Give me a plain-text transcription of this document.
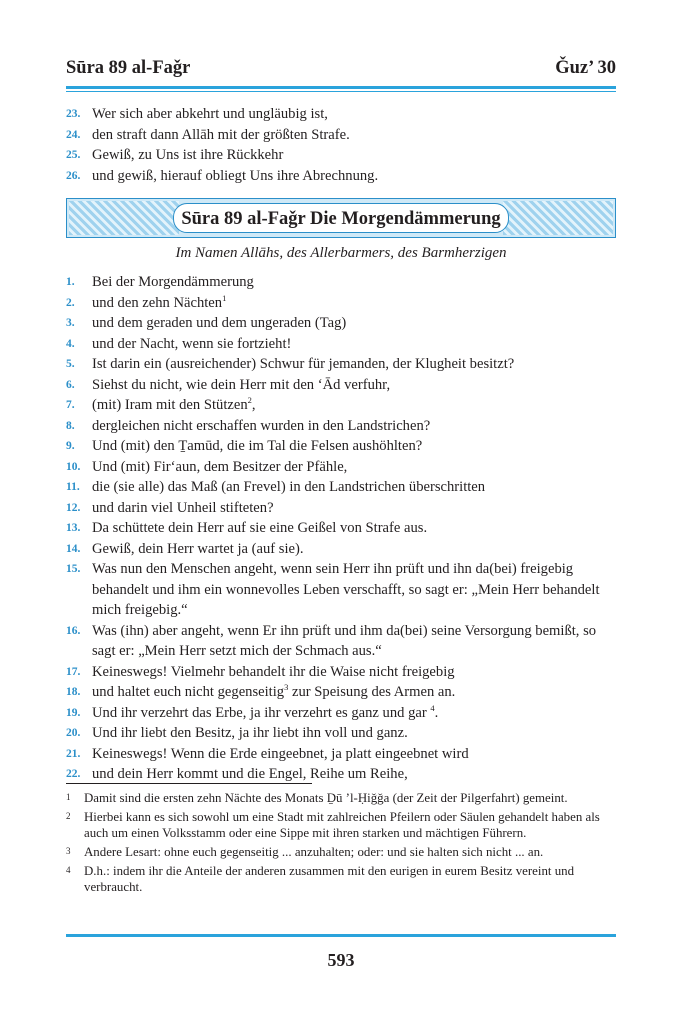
Sūra 89 al-Faǧr	Ǧuz’ 30
23. Wer sich aber abkehrt und ungläubig ist,
24. den straft dann Allāh mit der größten Strafe.
25. Gewiß, zu Uns ist ihre Rückkehr
26. und gewiß, hierauf obliegt Uns ihre Abrechnung.
Sūra 89 al-Faǧr Die Morgendämmerung
Im Namen Allāhs, des Allerbarmers, des Barmherzigen
1.	Bei der Morgendämmerung
2.	und den zehn Nächten$^1$
3.	und dem geraden und dem ungeraden (Tag)
4.	und der Nacht, wenn sie fortzieht!
5.	Ist darin ein (ausreichender) Schwur für jemanden, der Klugheit besitzt?
6.	Siehst du nicht, wie dein Herr mit den ‘Ād verfuhr,
7.	(mit) Iram mit den Stützen$^2$,
8.	dergleichen nicht erschaffen wurden in den Landstrichen?
9.	Und (mit) den Ṯamūd, die im Tal die Felsen aushöhlten?
10. Und (mit) Fir‘aun, dem Besitzer der Pfähle,
11. die (sie alle) das Maß (an Frevel) in den Landstrichen überschritten
12. und darin viel Unheil stifteten?
13. Da schüttete dein Herr auf sie eine Geißel von Strafe aus.
14. Gewiß, dein Herr wartet ja (auf sie).
15. Was nun den Menschen angeht, wenn sein Herr ihn prüft und ihn da(bei) freigebig behandelt und ihm ein wonnevolles Leben verschafft, so sagt er: „Mein Herr behandelt mich freigebig.“
16. Was (ihn) aber angeht, wenn Er ihn prüft und ihm da(bei) seine Versorgung bemißt, so sagt er: „Mein Herr setzt mich der Schmach aus.“
17. Keineswegs! Vielmehr behandelt ihr die Waise nicht freigebig
18. und haltet euch nicht gegenseitig$^3$ zur Speisung des Armen an.
19. Und ihr verzehrt das Erbe, ja ihr verzehrt es ganz und gar $^4$.
20. Und ihr liebt den Besitz, ja ihr liebt ihn voll und ganz.
21. Keineswegs! Wenn die Erde eingeebnet, ja platt eingeebnet wird
22. und dein Herr kommt und die Engel, Reihe um Reihe,
1 Damit sind die ersten zehn Nächte des Monats Ḏū ’l-Ḥiǧǧa (der Zeit der Pilgerfahrt) gemeint.
2 Hierbei kann es sich sowohl um eine Stadt mit zahlreichen Pfeilern oder Säulen gehandelt haben als auch um einen Volksstamm oder eine Sippe mit ihren starken und mächtigen Führern.
3 Andere Lesart: ohne euch gegenseitig ... anzuhalten; oder: und sie halten sich nicht ... an.
4 D.h.: indem ihr die Anteile der anderen zusammen mit den eurigen in eurem Besitz vereint und verbraucht.
593
